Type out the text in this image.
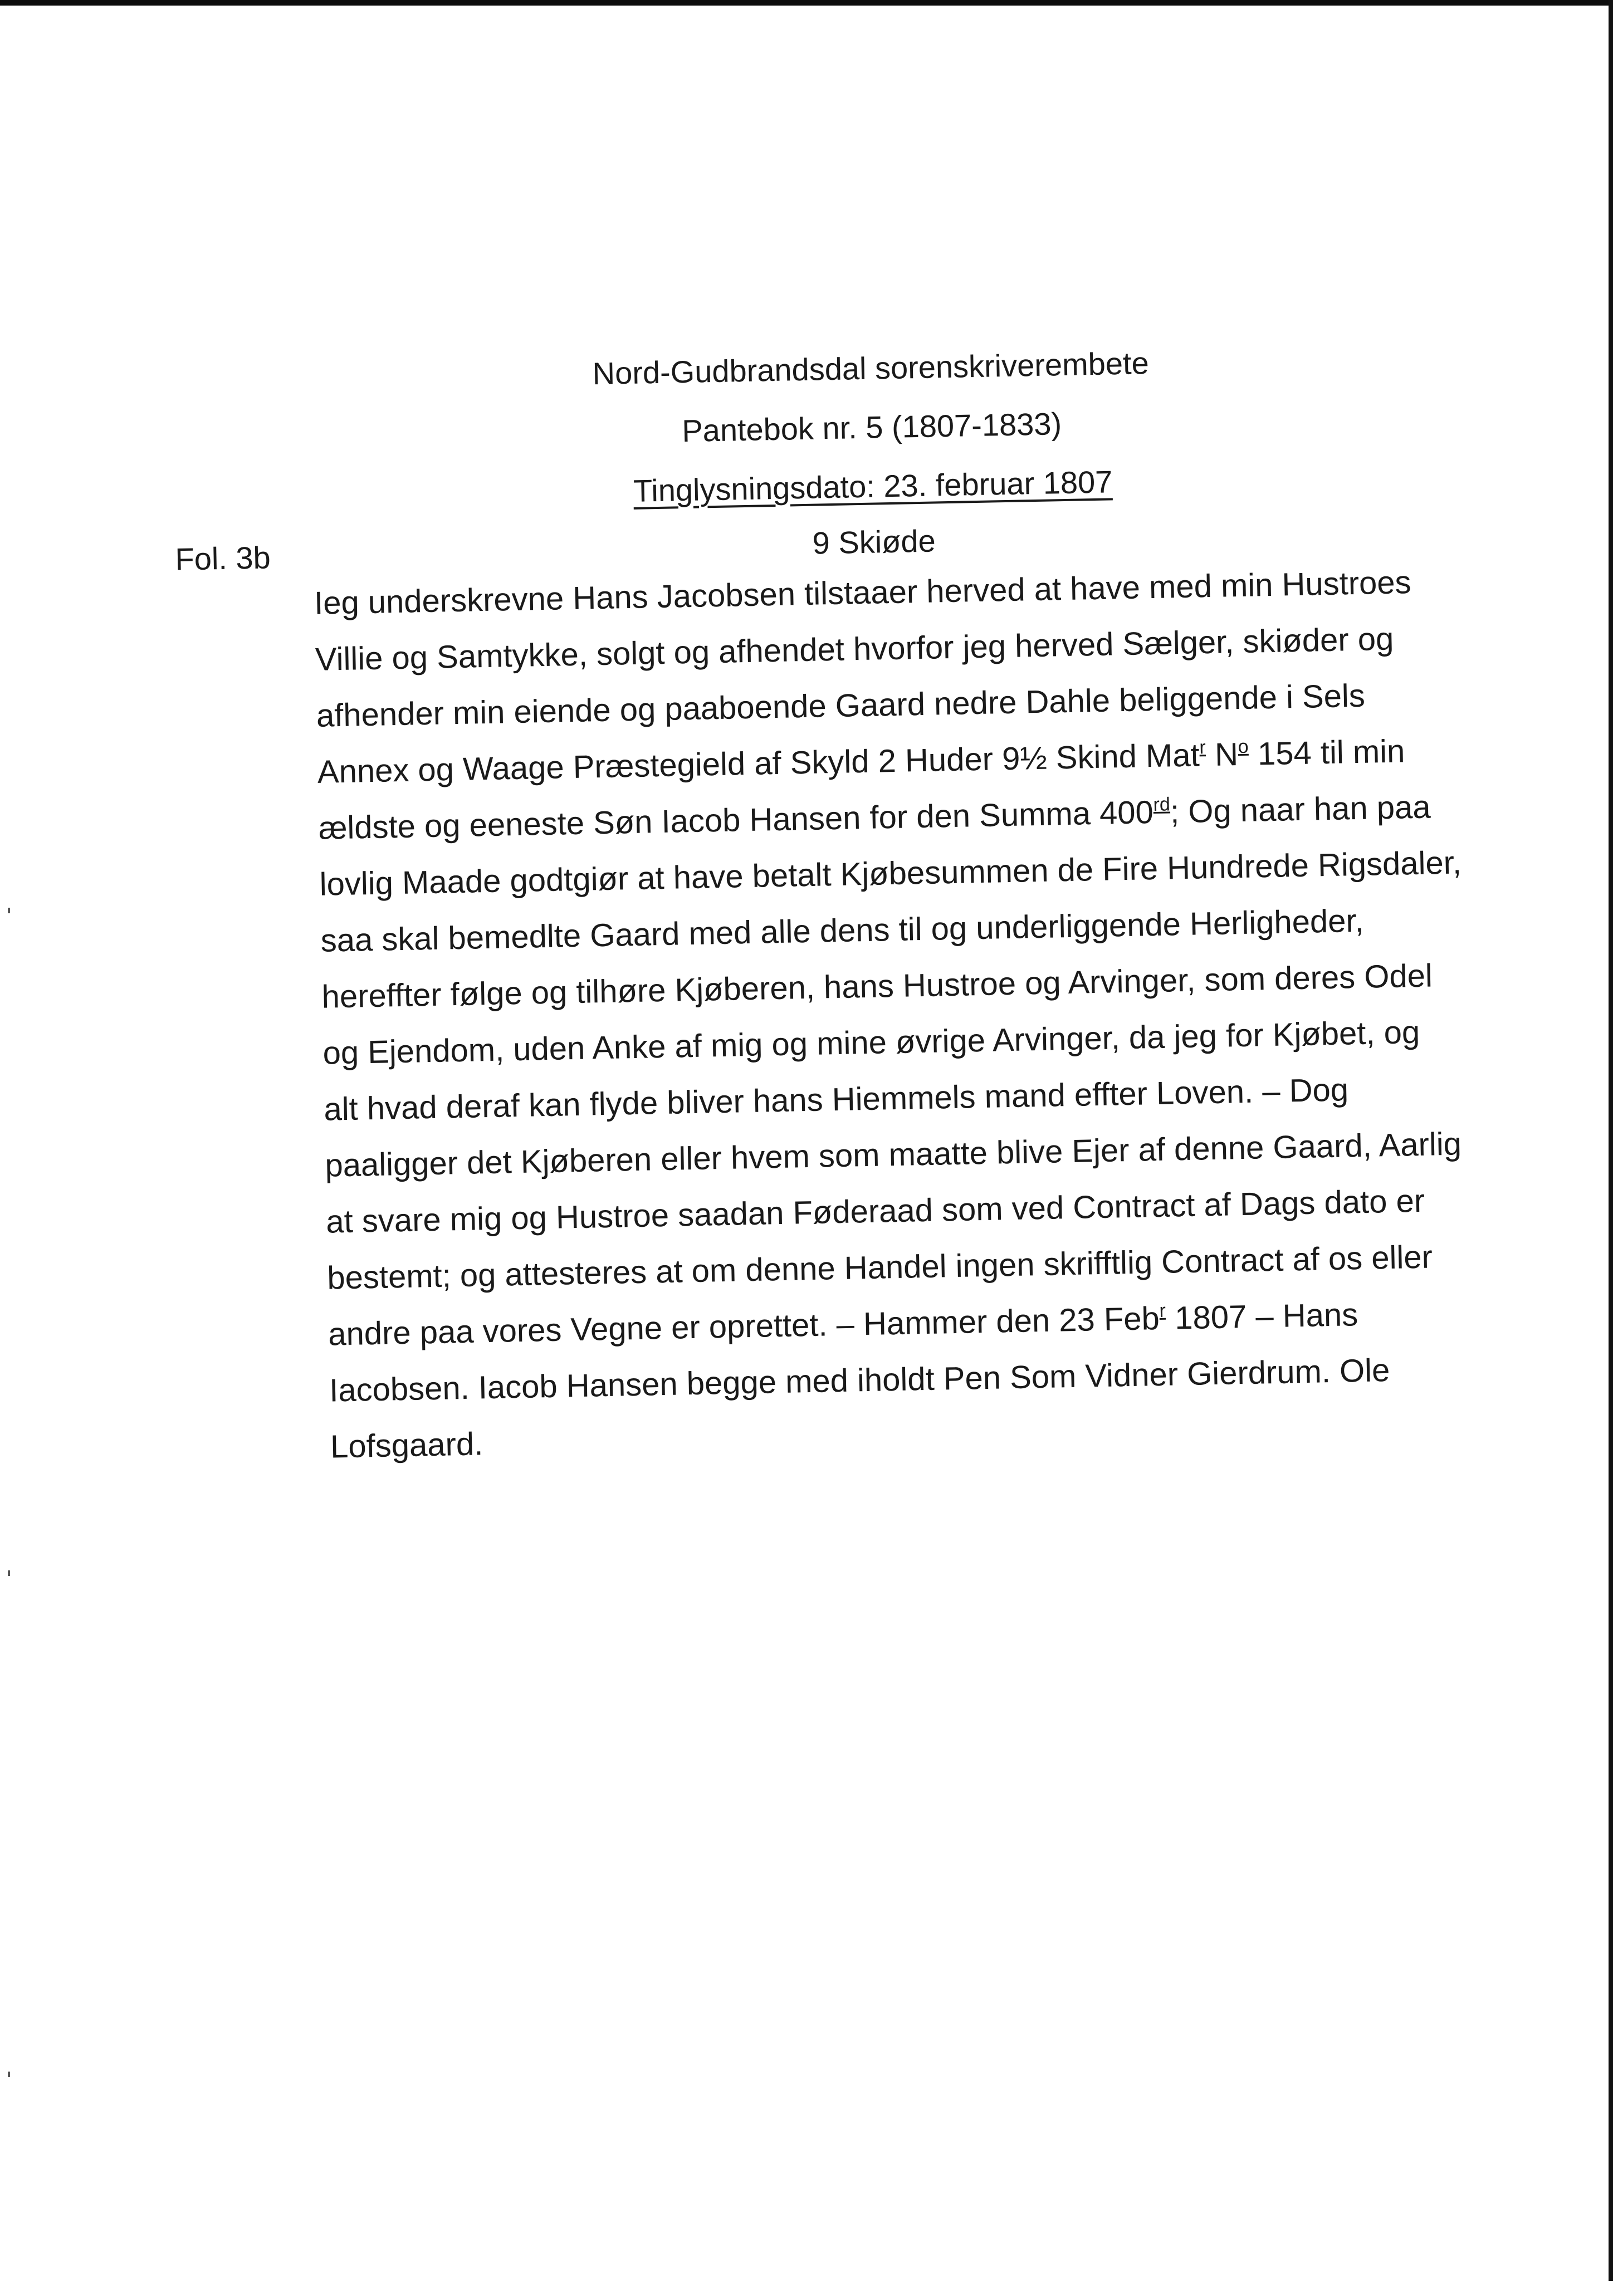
Nord-Gudbrandsdal sorenskriverembete
Pantebok nr. 5 (1807-1833)
Tinglysningsdato: 23. februar 1807
9 Skiøde
Fol. 3b
Ieg underskrevne Hans Jacobsen tilstaaer herved at have med min Hustroes
Villie og Samtykke, solgt og afhendet hvorfor jeg herved Sælger, skiøder og
afhender min eiende og paaboende Gaard nedre Dahle beliggende i Sels
Annex og Waage Præstegield af Skyld 2 Huder 9½ Skind Mat$^r$ $N^o$ 154 til min
ældste og eeneste Søn Iacob Hansen for den Summa 400rd; Og naar han paa
lovlig Maade godtgiør at have betalt Kjøbesummen de Fire Hundrede Rigsdaler,
saa skal bemedlte Gaard med alle dens til og underliggende Herligheder,
hereffter følge og tilhøre Kjøberen, hans Hustroe og Arvinger, som deres Odel
og Ejendom, uden Anke af mig og mine øvrige Arvinger, da jeg for Kjøbet, og
alt hvad deraf kan flyde bliver hans Hiemmels mand effter Loven. – Dog
paaligger det Kjøberen eller hvem som maatte blive Ejer af denne Gaard, Aarlig
at svare mig og Hustroe saadan Føderaad som ved Contract af Dags dato er
bestemt; og attesteres at om denne Handel ingen skrifftlig Contract af os eller
andre paa vores Vegne er oprettet. – Hammer den 23 Feb$^r$ 1807 – Hans
Iacobsen. Iacob Hansen begge med iholdt Pen Som Vidner Gierdrum. Ole
Lofsgaard.
